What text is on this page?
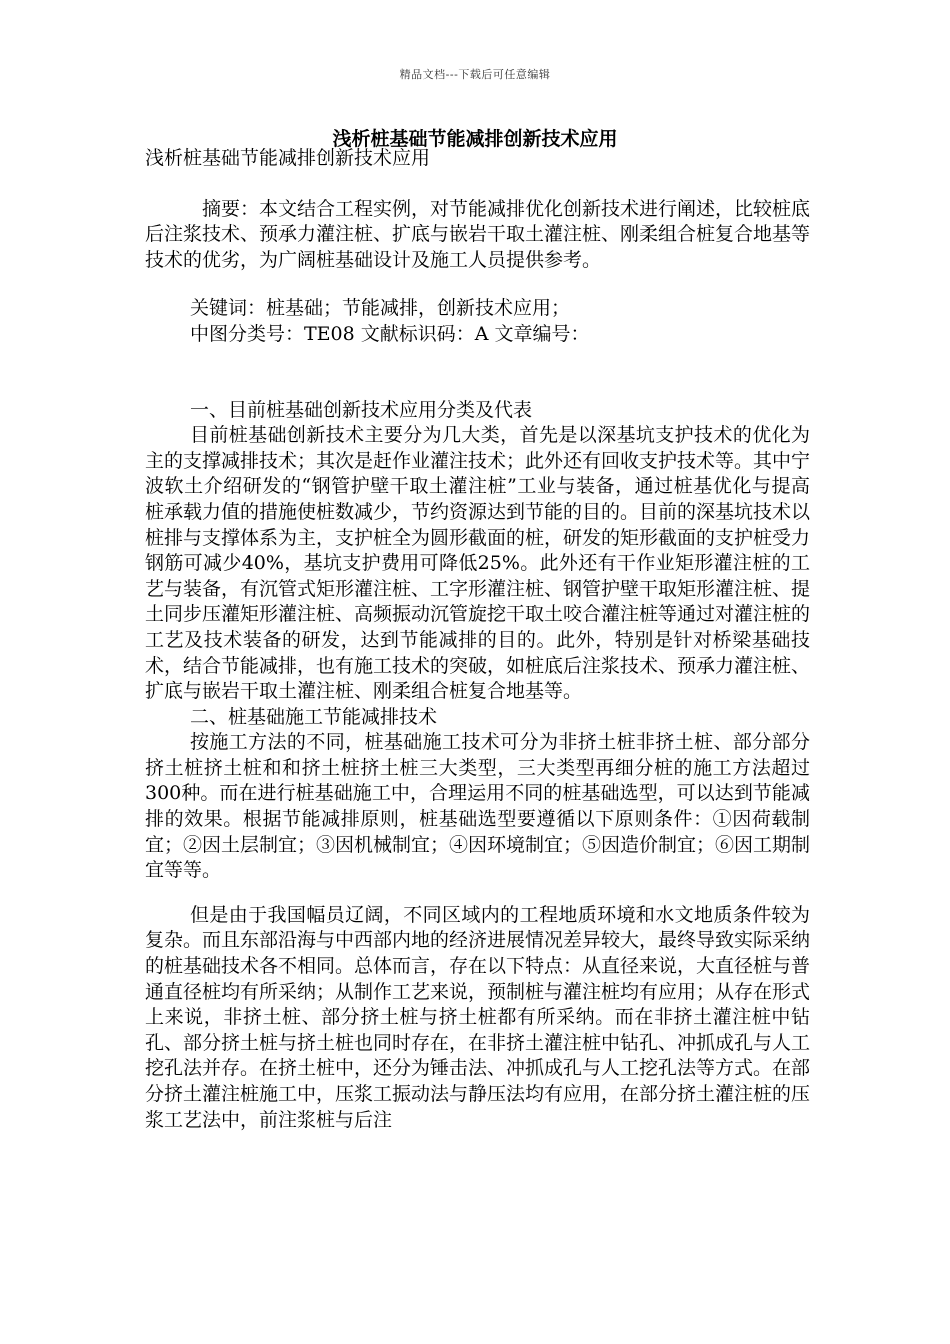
精品文档---下载后可任意编辑
浅析桩基础节能减排创新技术应用

浅析桩基础节能减排创新技术应用

摘要：本文结合工程实例，对节能减排优化创新技术进行阐述，比较桩底后注浆技术、预承力灌注桩、扩底与嵌岩干取土灌注桩、刚柔组合桩复合地基等技术的优劣，为广阔桩基础设计及施工人员提供参考。

关键词：桩基础；节能减排，创新技术应用；

中图分类号：TE08 文献标识码：A 文章编号：

一、目前桩基础创新技术应用分类及代表

目前桩基础创新技术主要分为几大类，首先是以深基坑支护技术的优化为主的支撑减排技术；其次是赶作业灌注技术；此外还有回收支护技术等。其中宁波软土介绍研发的“钢管护壁干取土灌注桩”工业与装备，通过桩基优化与提高桩承载力值的措施使桩数减少，节约资源达到节能的目的。目前的深基坑技术以桩排与支撑体系为主，支护桩全为圆形截面的桩，研发的矩形截面的支护桩受力钢筋可减少40%，基坑支护费用可降低25%。此外还有干作业矩形灌注桩的工艺与装备，有沉管式矩形灌注桩、工字形灌注桩、钢管护壁干取矩形灌注桩、提土同步压灌矩形灌注桩、高频振动沉管旋挖干取土咬合灌注桩等通过对灌注桩的工艺及技术装备的研发，达到节能减排的目的。此外，特别是针对桥梁基础技术，结合节能减排，也有施工技术的突破，如桩底后注浆技术、预承力灌注桩、扩底与嵌岩干取土灌注桩、刚柔组合桩复合地基等。

二、桩基础施工节能减排技术

按施工方法的不同，桩基础施工技术可分为非挤土桩非挤土桩、部分部分挤土桩挤土桩和和挤土桩挤土桩三大类型，三大类型再细分桩的施工方法超过300种。而在进行桩基础施工中，合理运用不同的桩基础选型，可以达到节能减排的效果。根据节能减排原则，桩基础选型要遵循以下原则条件：①因荷载制宜；②因土层制宜；③因机械制宜；④因环境制宜；⑤因造价制宜；⑥因工期制宜等等。

但是由于我国幅员辽阔，不同区域内的工程地质环境和水文地质条件较为复杂。而且东部沿海与中西部内地的经济进展情况差异较大，最终导致实际采纳的桩基础技术各不相同。总体而言，存在以下特点：从直径来说，大直径桩与普通直径桩均有所采纳；从制作工艺来说，预制桩与灌注桩均有应用；从存在形式上来说，非挤土桩、部分挤土桩与挤土桩都有所采纳。而在非挤土灌注桩中钻孔、部分挤土桩与挤土桩也同时存在，在非挤土灌注桩中钻孔、冲抓成孔与人工挖孔法并存。在挤土桩中，还分为锤击法、冲抓成孔与人工挖孔法等方式。在部分挤土灌注桩施工中，压浆工振动法与静压法均有应用，在部分挤土灌注桩的压浆工艺法中，前注浆桩与后注
